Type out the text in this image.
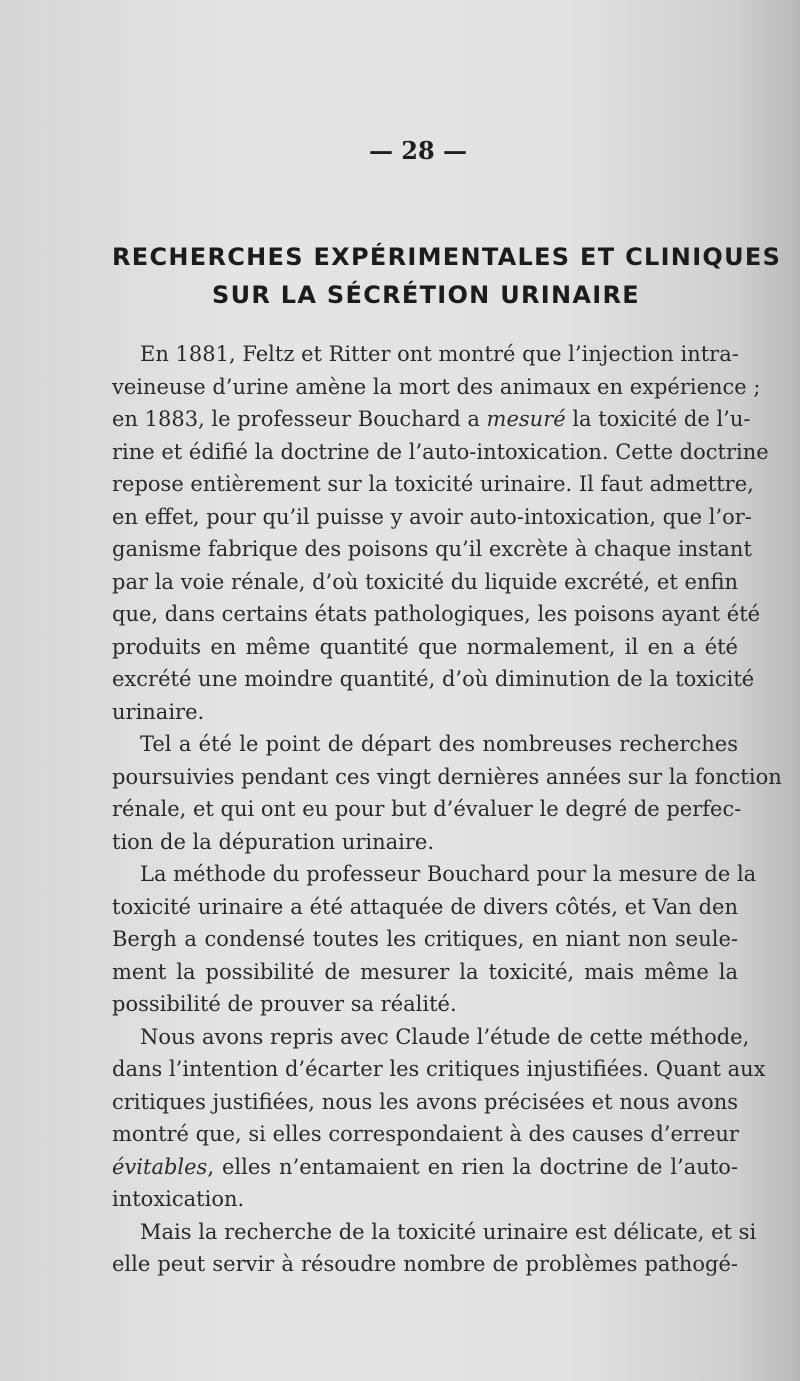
— 28 —
RECHERCHES EXPÉRIMENTALES ET CLINIQUES
SUR LA SÉCRÉTION URINAIRE
En 1881, Feltz et Ritter ont montré que l’injection intra-
veineuse d’urine amène la mort des animaux en expérience ;
en 1883, le professeur Bouchard a mesuré la toxicité de l’u-
rine et édifié la doctrine de l’auto-intoxication. Cette doctrine
repose entièrement sur la toxicité urinaire. Il faut admettre,
en effet, pour qu’il puisse y avoir auto-intoxication, que l’or-
ganisme fabrique des poisons qu’il excrète à chaque instant
par la voie rénale, d’où toxicité du liquide excrété, et enfin
que, dans certains états pathologiques, les poisons ayant été
produits en même quantité que normalement, il en a été
excrété une moindre quantité, d’où diminution de la toxicité
urinaire.
Tel a été le point de départ des nombreuses recherches
poursuivies pendant ces vingt dernières années sur la fonction
rénale, et qui ont eu pour but d’évaluer le degré de perfec-
tion de la dépuration urinaire.
La méthode du professeur Bouchard pour la mesure de la
toxicité urinaire a été attaquée de divers côtés, et Van den
Bergh a condensé toutes les critiques, en niant non seule-
ment la possibilité de mesurer la toxicité, mais même la
possibilité de prouver sa réalité.
Nous avons repris avec Claude l’étude de cette méthode,
dans l’intention d’écarter les critiques injustifiées. Quant aux
critiques justifiées, nous les avons précisées et nous avons
montré que, si elles correspondaient à des causes d’erreur
évitables, elles n’entamaient en rien la doctrine de l’auto-
intoxication.
Mais la recherche de la toxicité urinaire est délicate, et si
elle peut servir à résoudre nombre de problèmes pathogé-
